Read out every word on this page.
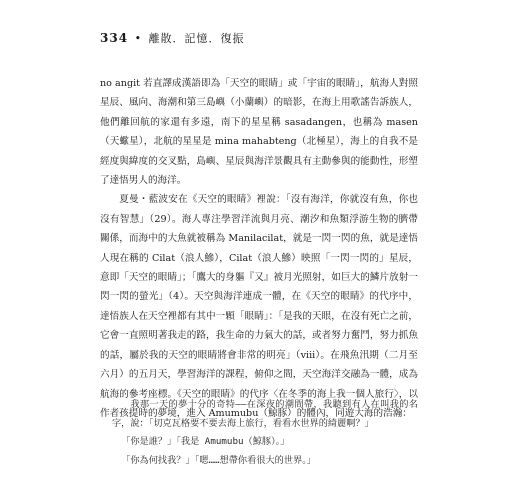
334 • 離散．記憶．復振

no angit 若直譯成漢語即為「天空的眼睛」或「宇宙的眼睛」，航海人對照星辰、風向、海潮和第三島嶼（小蘭嶼）的暗影，在海上用歌謠告訴族人，他們離回航的家還有多遠，南下的星星稱 sasadangen，也稱為 masen（天蠍星），北航的星星是 mina mahabteng（北極星），海上的自我不是經度與緯度的交叉點，島嶼、星辰與海洋景觀具有主動參與的能動性，形塑了達悟男人的海洋。

夏曼・藍波安在《天空的眼睛》裡說：「沒有海洋，你就沒有魚，你也沒有智慧」（29）。海人專注學習洋流與月亮、潮汐和魚類浮游生物的臍帶關係，而海中的大魚就被稱為 Manilacilat，就是一閃一閃的魚，就是達悟人現在稱的 Cilat（浪人鰺），Cilat（浪人鰺）映照「一閃一閃的」星辰，意即「天空的眼睛」；「鷹大的身軀『又』被月光照射，如巨大的鱗片放射一閃一閃的螢光」（4）。天空與海洋連成一體，在《天空的眼睛》的代序中，達悟族人在天空裡都有其中一顆「眼睛」：「是我的天眼，在沒有死亡之前，它會一直照明著我走的路，我生命的力氣大的話，或者努力奮鬥，努力抓魚的話，屬於我的天空的眼睛將會非常的明亮」（viii）。在飛魚汛期（二月至六月）的五月天，學習海洋的課程，俯仰之間，天空海洋交融為一體，成為航海的參考座標。《天空的眼睛》的代序〈在冬季的海上我一個人旅行〉，以作者孩提時的夢境，進入 Amumubu（鯨豚）的體內，同遊大海的浩瀚：

我那一天的夢十分的奇特——在深夜的潮間帶，我聽到有人在叫我的名字，說：「切克瓦格要不要去海上旅行，看看水世界的綺麗啊？」

「你是誰？」「我是 Amumubu（鯨豚）。」

「你為何找我？」「嗯……想帶你看很大的世界。」
